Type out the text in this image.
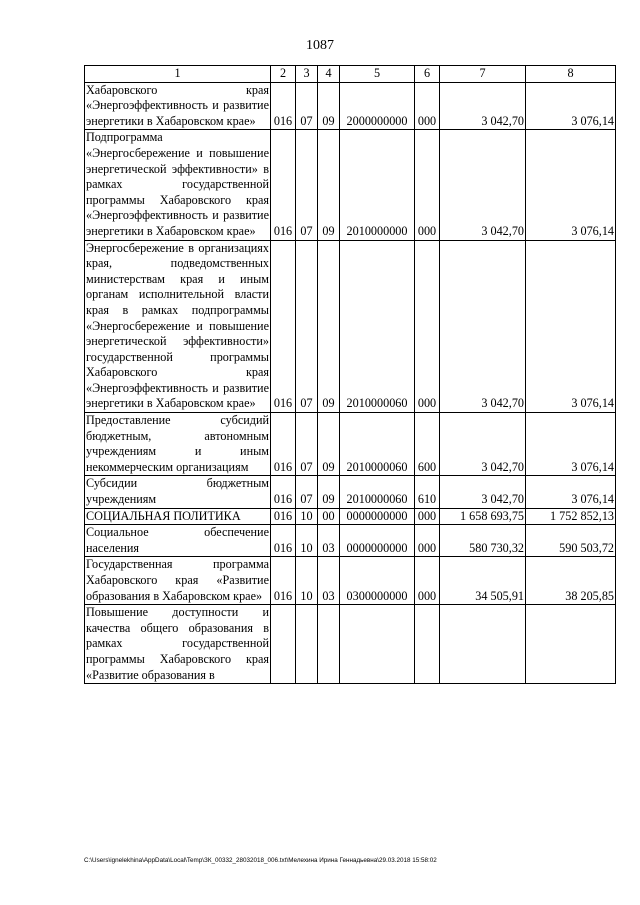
1087
1	2	3	4	5	6	7	8
Хабаровского края «Энергоэффективность и развитие энергетики в Хабаровском крае»	016	07	09	2000000000	000	3 042,70	3 076,14
Подпрограмма «Энергосбережение и повышение энергетической эффективности» в рамках государственной программы Хабаровского края «Энергоэффективность и развитие энергетики в Хабаровском крае»	016	07	09	2010000000	000	3 042,70	3 076,14
Энергосбережение в организациях края, подведомственных министерствам края и иным органам исполнительной власти края в рамках подпрограммы «Энергосбережение и повышение энергетической эффективности» государственной программы Хабаровского края «Энергоэффективность и развитие энергетики в Хабаровском крае»	016	07	09	2010000060	000	3 042,70	3 076,14
Предоставление субсидий бюджетным, автономным учреждениям и иным некоммерческим организациям	016	07	09	2010000060	600	3 042,70	3 076,14
Субсидии бюджетным учреждениям	016	07	09	2010000060	610	3 042,70	3 076,14
СОЦИАЛЬНАЯ ПОЛИТИКА	016	10	00	0000000000	000	1 658 693,75	1 752 852,13
Социальное обеспечение населения	016	10	03	0000000000	000	580 730,32	590 503,72
Государственная программа Хабаровского края «Развитие образования в Хабаровском крае»	016	10	03	0300000000	000	34 505,91	38 205,85
Повышение доступности и качества общего образования в рамках государственной программы Хабаровского края «Развитие образования в							
C:\Users\ignelekhina\AppData\Local\Temp\ЗК_00332_28032018_006.txt\Мелехина Ирина Геннадьевна\29.03.2018 15:58:02
